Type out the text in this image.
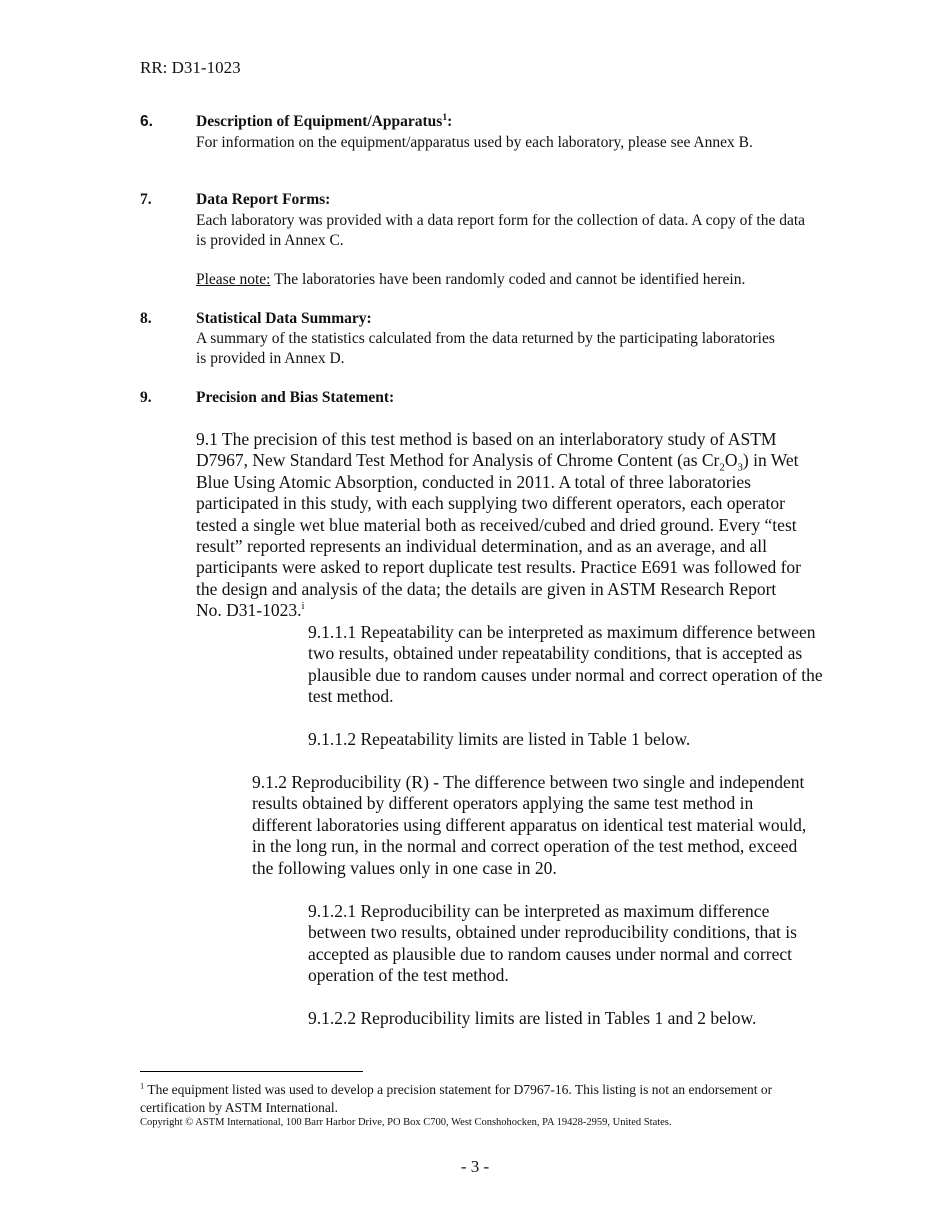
RR: D31-1023
6.	Description of Equipment/Apparatus$^1$:
For information on the equipment/apparatus used by each laboratory, please see Annex B.
7.	Data Report Forms:
Each laboratory was provided with a data report form for the collection of data. A copy of the data is provided in Annex C.
Please note: The laboratories have been randomly coded and cannot be identified herein.
8.	Statistical Data Summary:
A summary of the statistics calculated from the data returned by the participating laboratories is provided in Annex D.
9.	Precision and Bias Statement:
9.1 The precision of this test method is based on an interlaboratory study of ASTM D7967, New Standard Test Method for Analysis of Chrome Content (as $Cr_2O_3$) in Wet Blue Using Atomic Absorption, conducted in 2011. A total of three laboratories participated in this study, with each supplying two different operators, each operator tested a single wet blue material both as received/cubed and dried ground. Every “test result” reported represents an individual determination, and as an average, and all participants were asked to report duplicate test results. Practice E691 was followed for the design and analysis of the data; the details are given in ASTM Research Report No. D31-1023.$^i$
9.1.1.1 Repeatability can be interpreted as maximum difference between two results, obtained under repeatability conditions, that is accepted as plausible due to random causes under normal and correct operation of the test method.
9.1.1.2 Repeatability limits are listed in Table 1 below.
9.1.2 Reproducibility (R) - The difference between two single and independent results obtained by different operators applying the same test method in different laboratories using different apparatus on identical test material would, in the long run, in the normal and correct operation of the test method, exceed the following values only in one case in 20.
9.1.2.1 Reproducibility can be interpreted as maximum difference between two results, obtained under reproducibility conditions, that is accepted as plausible due to random causes under normal and correct operation of the test method.
9.1.2.2 Reproducibility limits are listed in Tables 1 and 2 below.
$^1$ The equipment listed was used to develop a precision statement for D7967-16. This listing is not an endorsement or certification by ASTM International.
Copyright © ASTM International, 100 Barr Harbor Drive, PO Box C700, West Conshohocken, PA 19428-2959, United States.
- 3 -
